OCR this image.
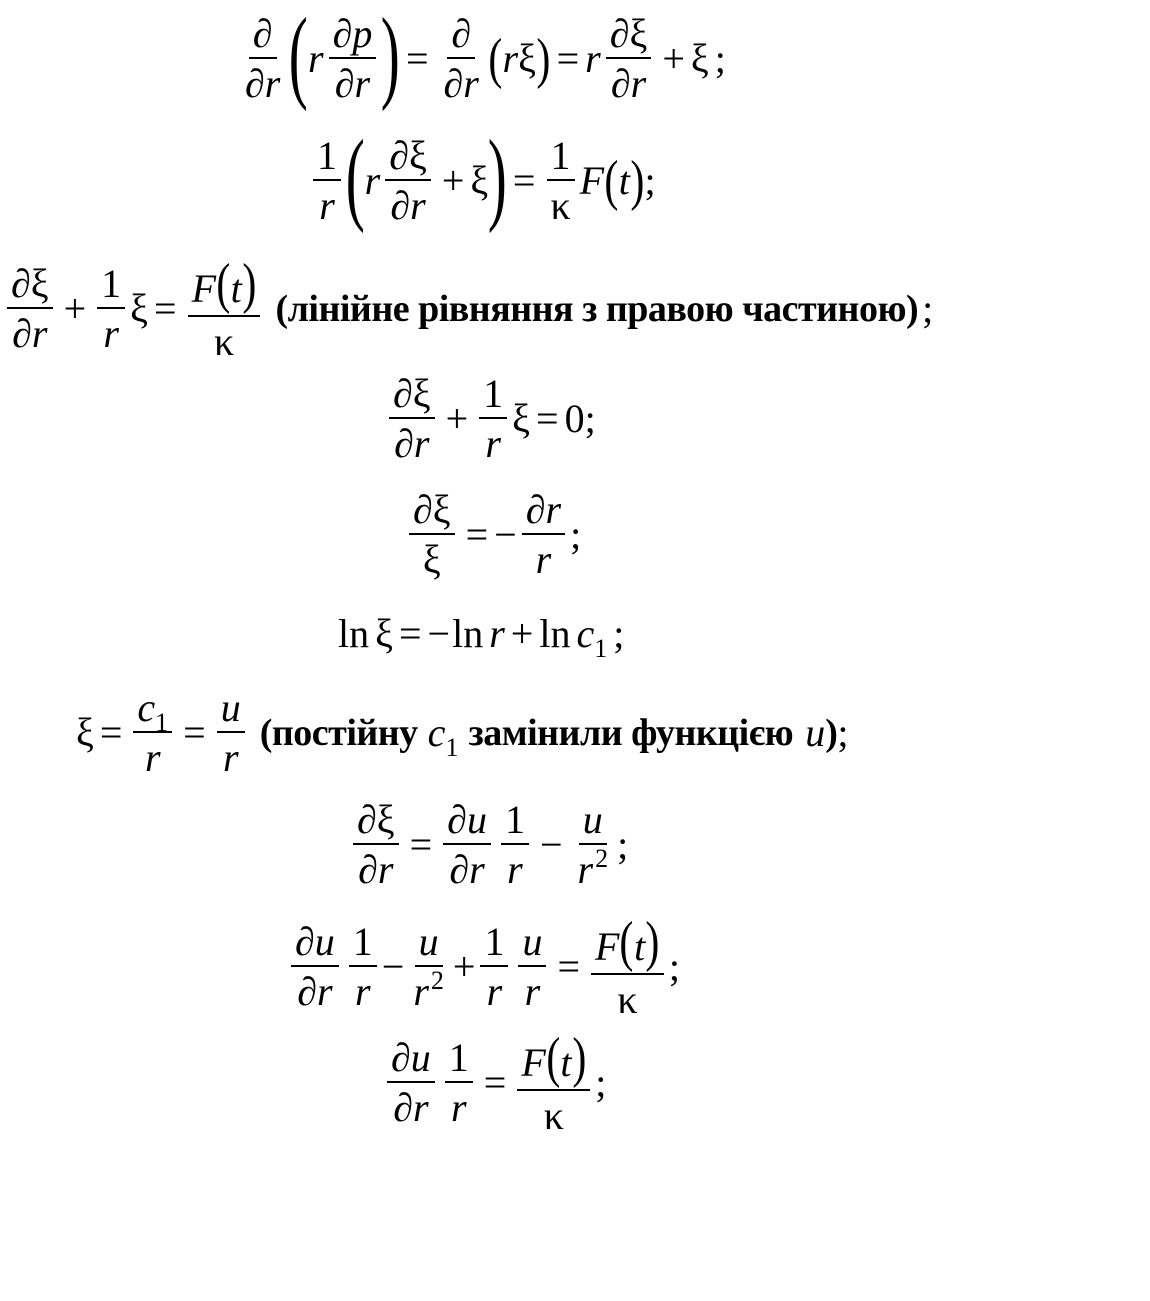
$\frac{\partial}{\partial r}$ ( r $\frac{\partial p}{\partial r}$ ) = $\frac{\partial}{\partial r}$ ( r ξ ) = r $\frac{\partial\xi}{\partial r} + \xi$ ;
$\frac{1}{r}$ ( r $\frac{\partial\xi}{\partial r} + \xi$ ) = $\frac{1}{\kappa}$ F ( t ) ;
$\frac{\partial\xi}{\partial r} + \frac{1}{r}$ $\xi = \frac{F(t)}{\kappa}$ (лінійне рівняння з правою частиною) ;
$\frac{\partial\xi}{\partial r} + \frac{1}{r}$ ξ = 0 ;
$\frac{\partial\xi}{\xi}$ = − $\frac{\partial r}{r}$ ;
ln ξ = − $\ln r + \ln c_1$ ;
$\xi = \frac{c_1}{r} = \frac{u}{r}$ (постійну $c_1$ замінили функцією u ) ;
$\frac{\partial\xi}{\partial r} = \frac{\partial u}{\partial r} \frac{1}{r} - \frac{u}{r^2}$ ;
$\frac{\partial u}{\partial r} \frac{1}{r} - \frac{u}{r^2} + \frac{1}{r} \frac{u}{r} = \frac{F(t)}{\kappa}$ ;
$\frac{\partial u}{\partial r} \frac{1}{r} = \frac{F(t)}{\kappa}$ ;
